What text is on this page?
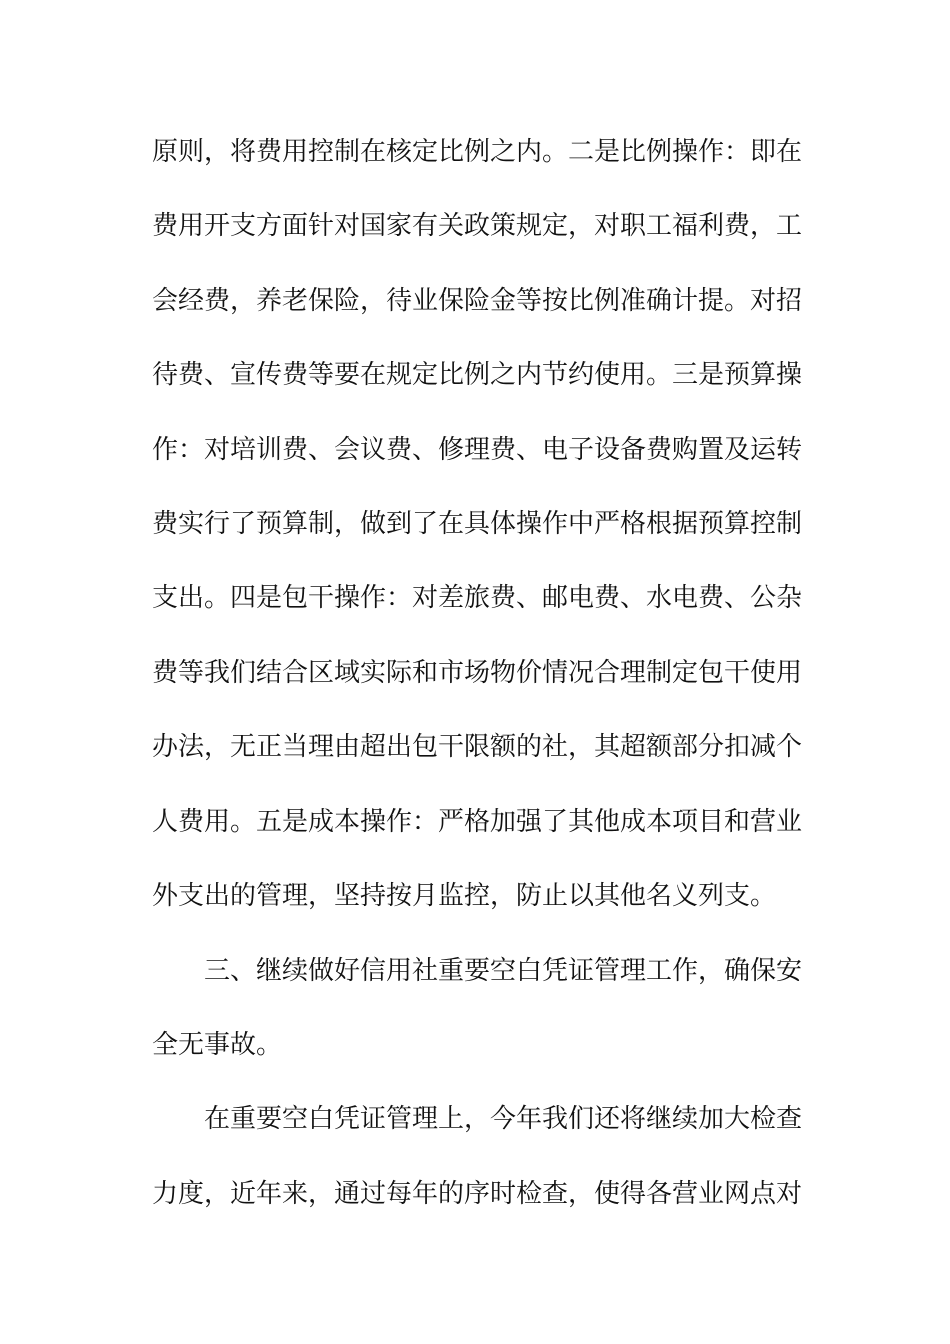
原则，将费用控制在核定比例之内。二是比例操作：即在

费用开支方面针对国家有关政策规定，对职工福利费，工

会经费，养老保险，待业保险金等按比例准确计提。对招

待费、宣传费等要在规定比例之内节约使用。三是预算操

作：对培训费、会议费、修理费、电子设备费购置及运转

费实行了预算制，做到了在具体操作中严格根据预算控制

支出。四是包干操作：对差旅费、邮电费、水电费、公杂

费等我们结合区域实际和市场物价情况合理制定包干使用

办法，无正当理由超出包干限额的社，其超额部分扣减个

人费用。五是成本操作：严格加强了其他成本项目和营业

外支出的管理，坚持按月监控，防止以其他名义列支。

三、继续做好信用社重要空白凭证管理工作，确保安

全无事故。

在重要空白凭证管理上，今年我们还将继续加大检查

力度，近年来，通过每年的序时检查，使得各营业网点对
